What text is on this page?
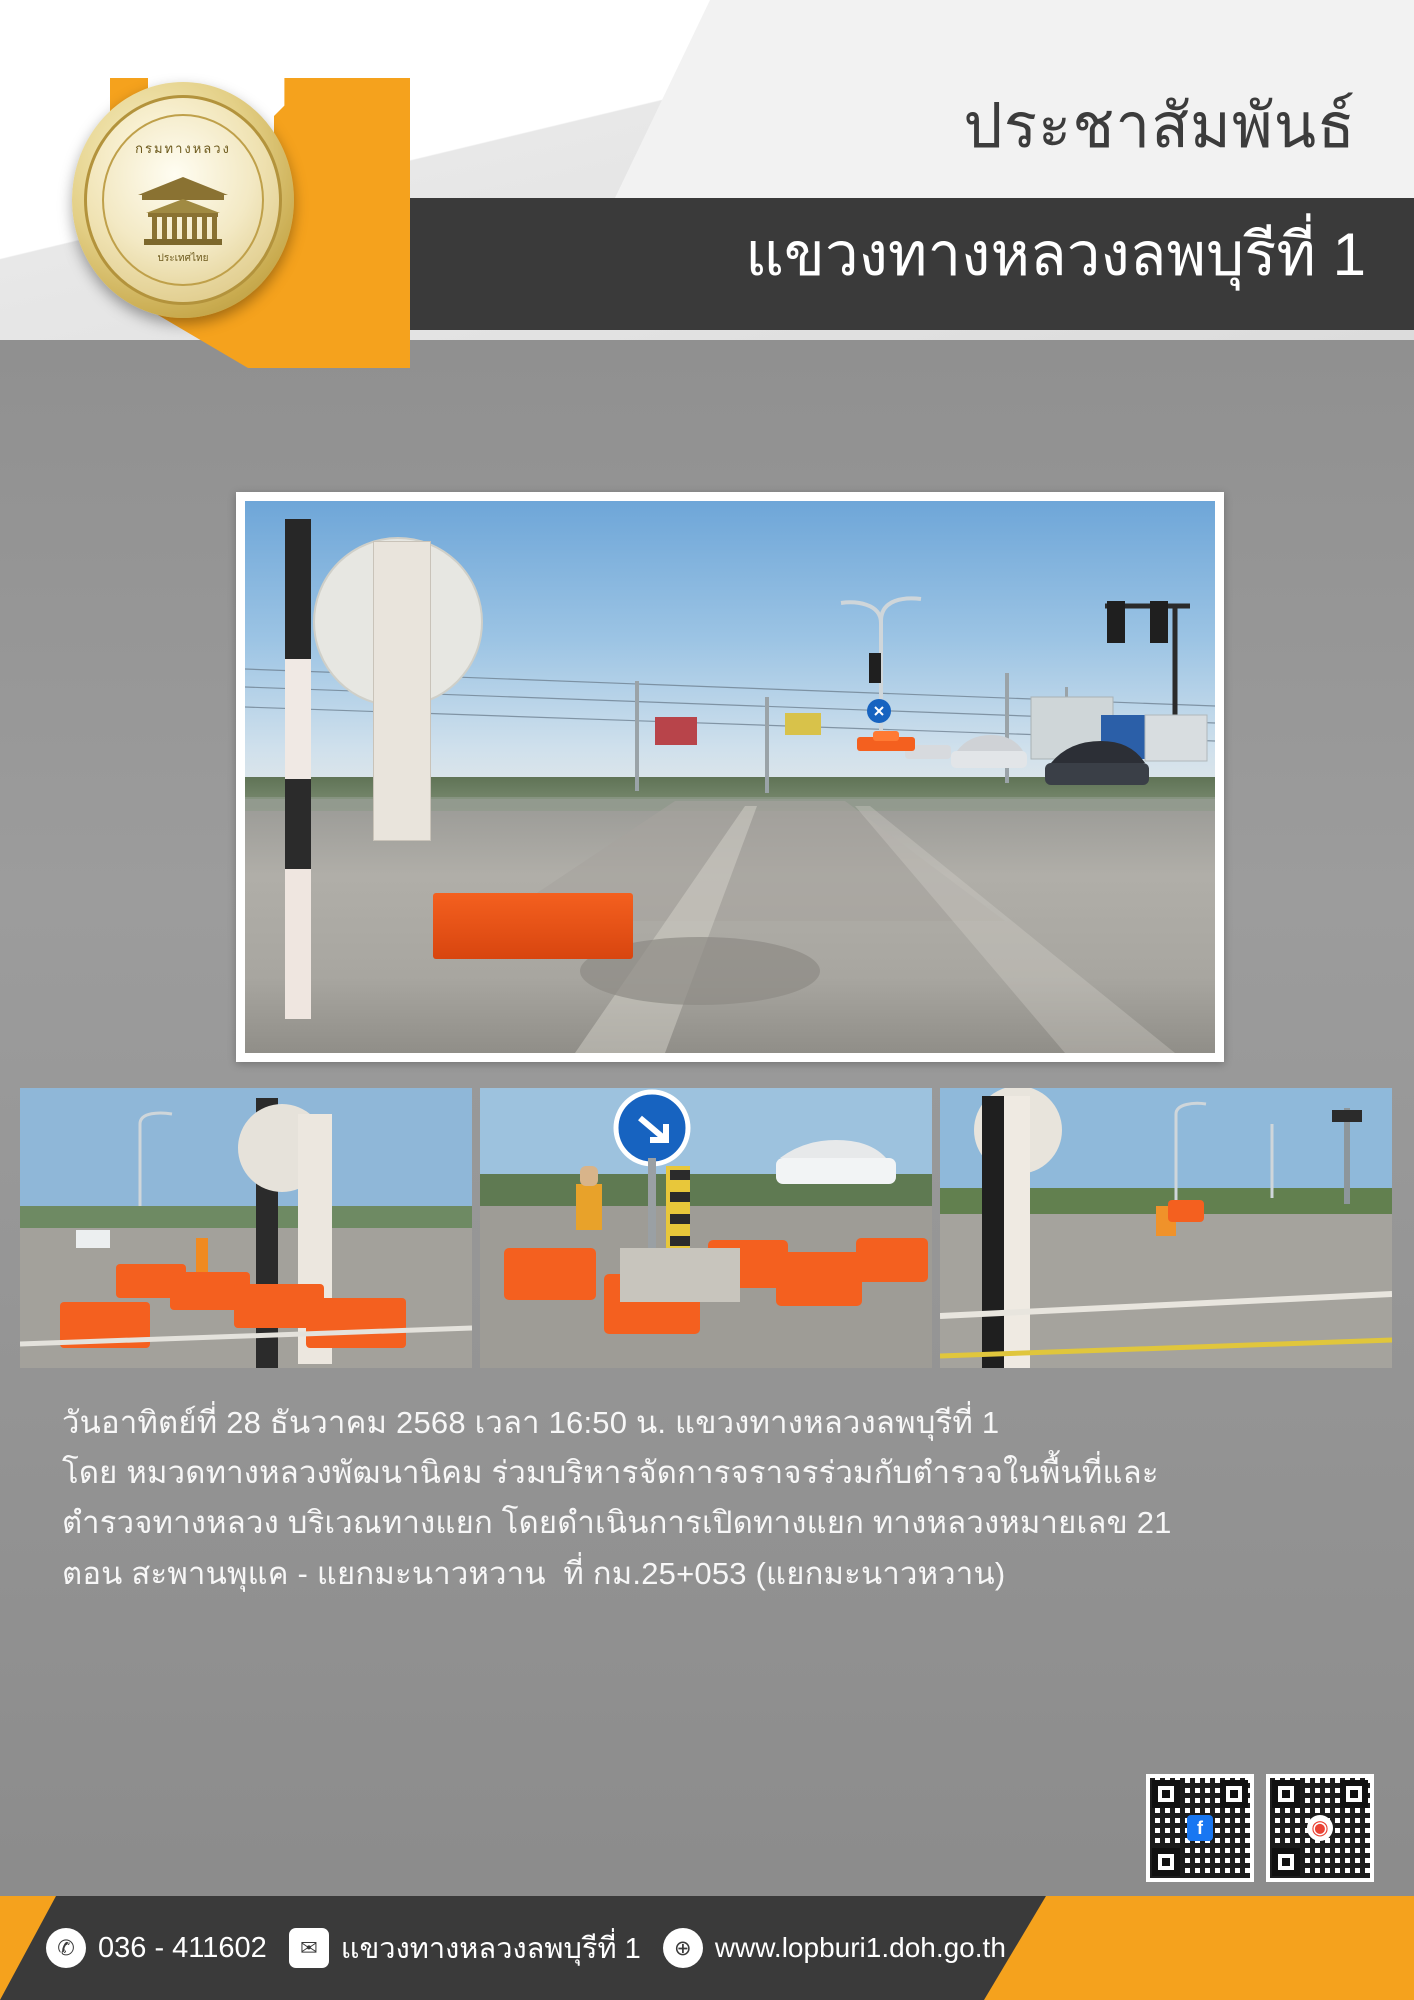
ประชาสัมพันธ์
แขวงทางหลวงลพบุรีที่ 1
กรมทางหลวง
ประเทศไทย
วันอาทิตย์ที่ 28 ธันวาคม 2568 เวลา 16:50 น. แขวงทางหลวงลพบุรีที่ 1
โดย หมวดทางหลวงพัฒนานิคม ร่วมบริหารจัดการจราจรร่วมกับตำรวจในพื้นที่และ
ตำรวจทางหลวง บริเวณทางแยก โดยดำเนินการเปิดทางแยก ทางหลวงหมายเลข 21
ตอน สะพานพุแค - แยกมะนาวหวาน  ที่ กม.25+053 (แยกมะนาวหวาน)
f	◉
✆ 036 - 411602	✉ แขวงทางหลวงลพบุรีที่ 1	⊕ www.lopburi1.doh.go.th
